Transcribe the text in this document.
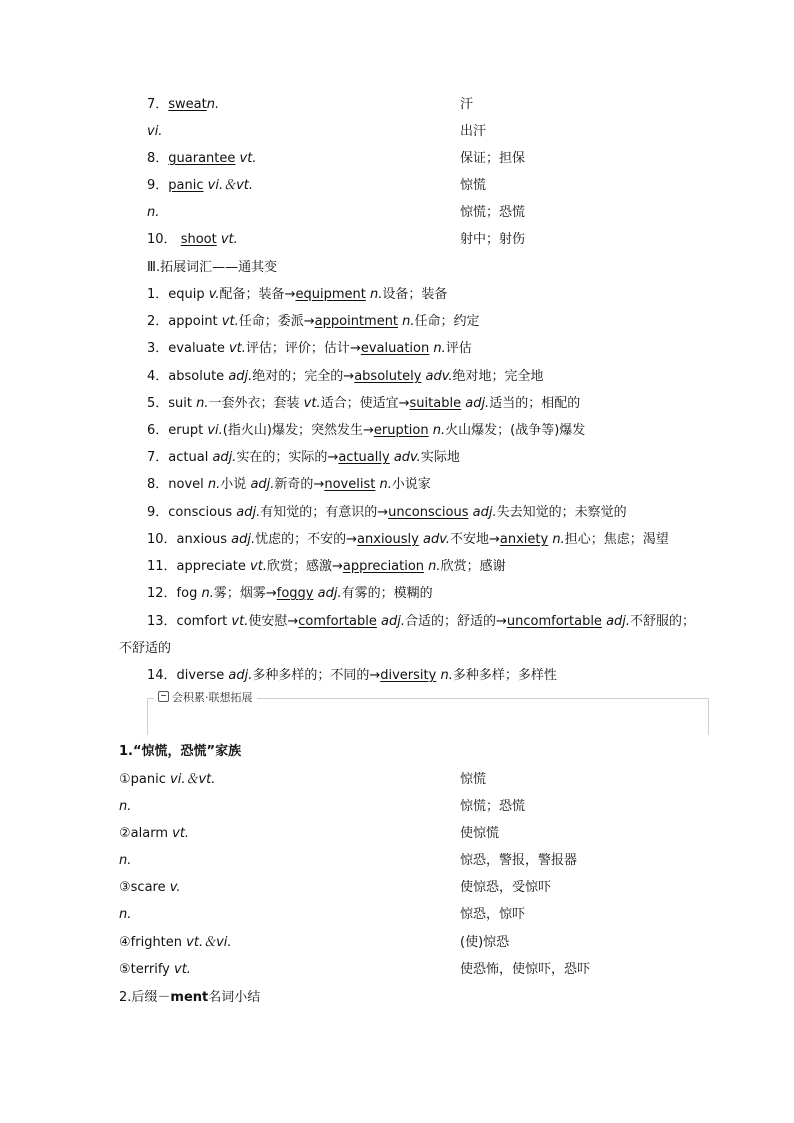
7．sweatn.	汗
vi.	出汗
8．guarantee vt.	保证；担保
9．panic vi.＆vt.	惊慌
n.	惊慌；恐慌
10． shoot vt.	射中；射伤
Ⅲ.拓展词汇——通其变
1．equip v.配备；装备→equipment n.设备；装备
2．appoint vt.任命；委派→appointment n.任命；约定
3．evaluate vt.评估；评价；估计→evaluation n.评估
4．absolute adj.绝对的；完全的→absolutely adv.绝对地；完全地
5．suit n.一套外衣；套装 vt.适合；使适宜→suitable adj.适当的；相配的
6．erupt vi.(指火山)爆发；突然发生→eruption n.火山爆发；(战争等)爆发
7．actual adj.实在的；实际的→actually adv.实际地
8．novel n.小说 adj.新奇的→novelist n.小说家
9．conscious adj.有知觉的；有意识的→unconscious adj.失去知觉的；未察觉的
10．anxious adj.忧虑的；不安的→anxiously adv.不安地→anxiety n.担心；焦虑；渴望
11．appreciate vt.欣赏；感激→appreciation n.欣赏；感谢
12．fog n.雾；烟雾→foggy adj.有雾的；模糊的
13．comfort vt.使安慰→comfortable adj.合适的；舒适的→uncomfortable adj.不舒服的；
不舒适的
14．diverse adj.多种多样的；不同的→diversity n.多种多样；多样性
会积累·联想拓展
1.“惊慌，恐慌”家族
①panic vi.＆vt.	惊慌
n.	惊慌；恐慌
②alarm vt.	使惊慌
n.	惊恐，警报，警报器
③scare v.	使惊恐，受惊吓
n.	惊恐，惊吓
④frighten vt.＆vi.	(使)惊恐
⑤terrify vt.	使恐怖，使惊吓，恐吓
2.后缀－ment名词小结
